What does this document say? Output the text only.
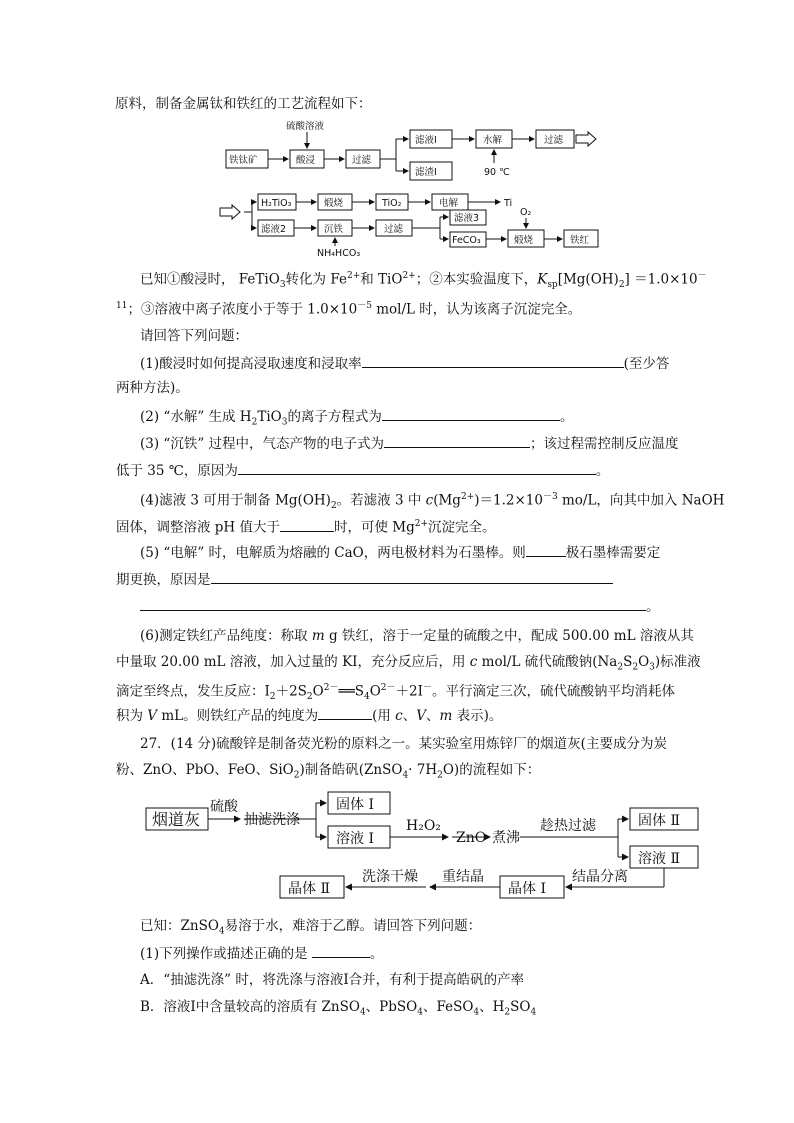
原料，制备金属钛和铁红的工艺流程如下：
硫酸溶液
铁钛矿	酸浸	过滤
滤液Ⅰ
滤渣Ⅰ
水解
90 ℃
过滤
H₂TiO₃	煅烧	TiO₂	电解	Ti
滤液2	沉铁
NH₄HCO₃
过滤
滤液3
FeCO₃
O₂
煅烧	铁红
已知①酸浸时， FeTiO$_3$转化为 $Fe^{2+}$和 TiO$^{2+}$；②本实验温度下，$K_{sp}[Mg(OH)_2] =1.0\times 10^-$
$^{11}$；③溶液中离子浓度小于等于 $1.0\times 10^{-5}$ mol/L 时，认为该离子沉淀完全。
请回答下列问题：
(1)酸浸时如何提高浸取速度和浸取率	(至少答
两种方法)。
(2) “水解” 生成 $H_2TiO_3$的离子方程式为	。
(3) “沉铁” 过程中，气态产物的电子式为	；该过程需控制反应温度
低于 35 ℃，原因为	。
(4)滤液 3 可用于制备 $Mg(OH)_2$。若滤液 3 中 $c(Mg^{2+})=1.2\times 10^{-3}$ mo/L，向其中加入 NaOH
固体，调整溶液 pH 值大于	时，可使 $Mg^{2+}$沉淀完全。
(5) “电解” 时，电解质为熔融的 CaO，两电极材料为石墨棒。则	极石墨棒需要定
期更换，原因是
。
(6)测定铁红产品纯度：称取 m g 铁红，溶于一定量的硫酸之中，配成 500.00 mL 溶液从其
中量取 20.00 mL 溶液，加入过量的 KI，充分反应后，用 c mol/L 硫代硫酸钠$(Na_2S_2O_3)$标准液
滴定至终点，发生反应：$I_2+2S_2O^{2-}══S_4O^{2-}+2I^-$。平行滴定三次，硫代硫酸钠平均消耗体
积为 V mL。则铁红产品的纯度为	(用 c、V、m 表示)。
27．(14 分)硫酸锌是制备荧光粉的原料之一。某实验室用炼锌厂的烟道灰(主要成分为炭
粉、ZnO、PbO、FeO、SiO$_2$)制备皓矾(ZnSO$_4$· $7H_2O$)的流程如下：
烟道灰
硫酸
抽滤洗涤
固体 Ⅰ
溶液 Ⅰ
H₂O₂
ZnO 煮沸
趁热过滤	固体 Ⅱ
溶液 Ⅱ
结晶分离
晶体 Ⅰ
重结晶
洗涤干燥
晶体 Ⅱ
已知：ZnSO$_4$易溶于水，难溶于乙醇。请回答下列问题：
(1)下列操作或描述正确的是	。
A．“抽滤洗涤” 时，将洗涤与溶液Ⅰ合并，有利于提高皓矾的产率
B．溶液Ⅰ中含量较高的溶质有 ZnSO$_4$、PbSO$_4$、FeSO$_4$、$H_2SO_4$
